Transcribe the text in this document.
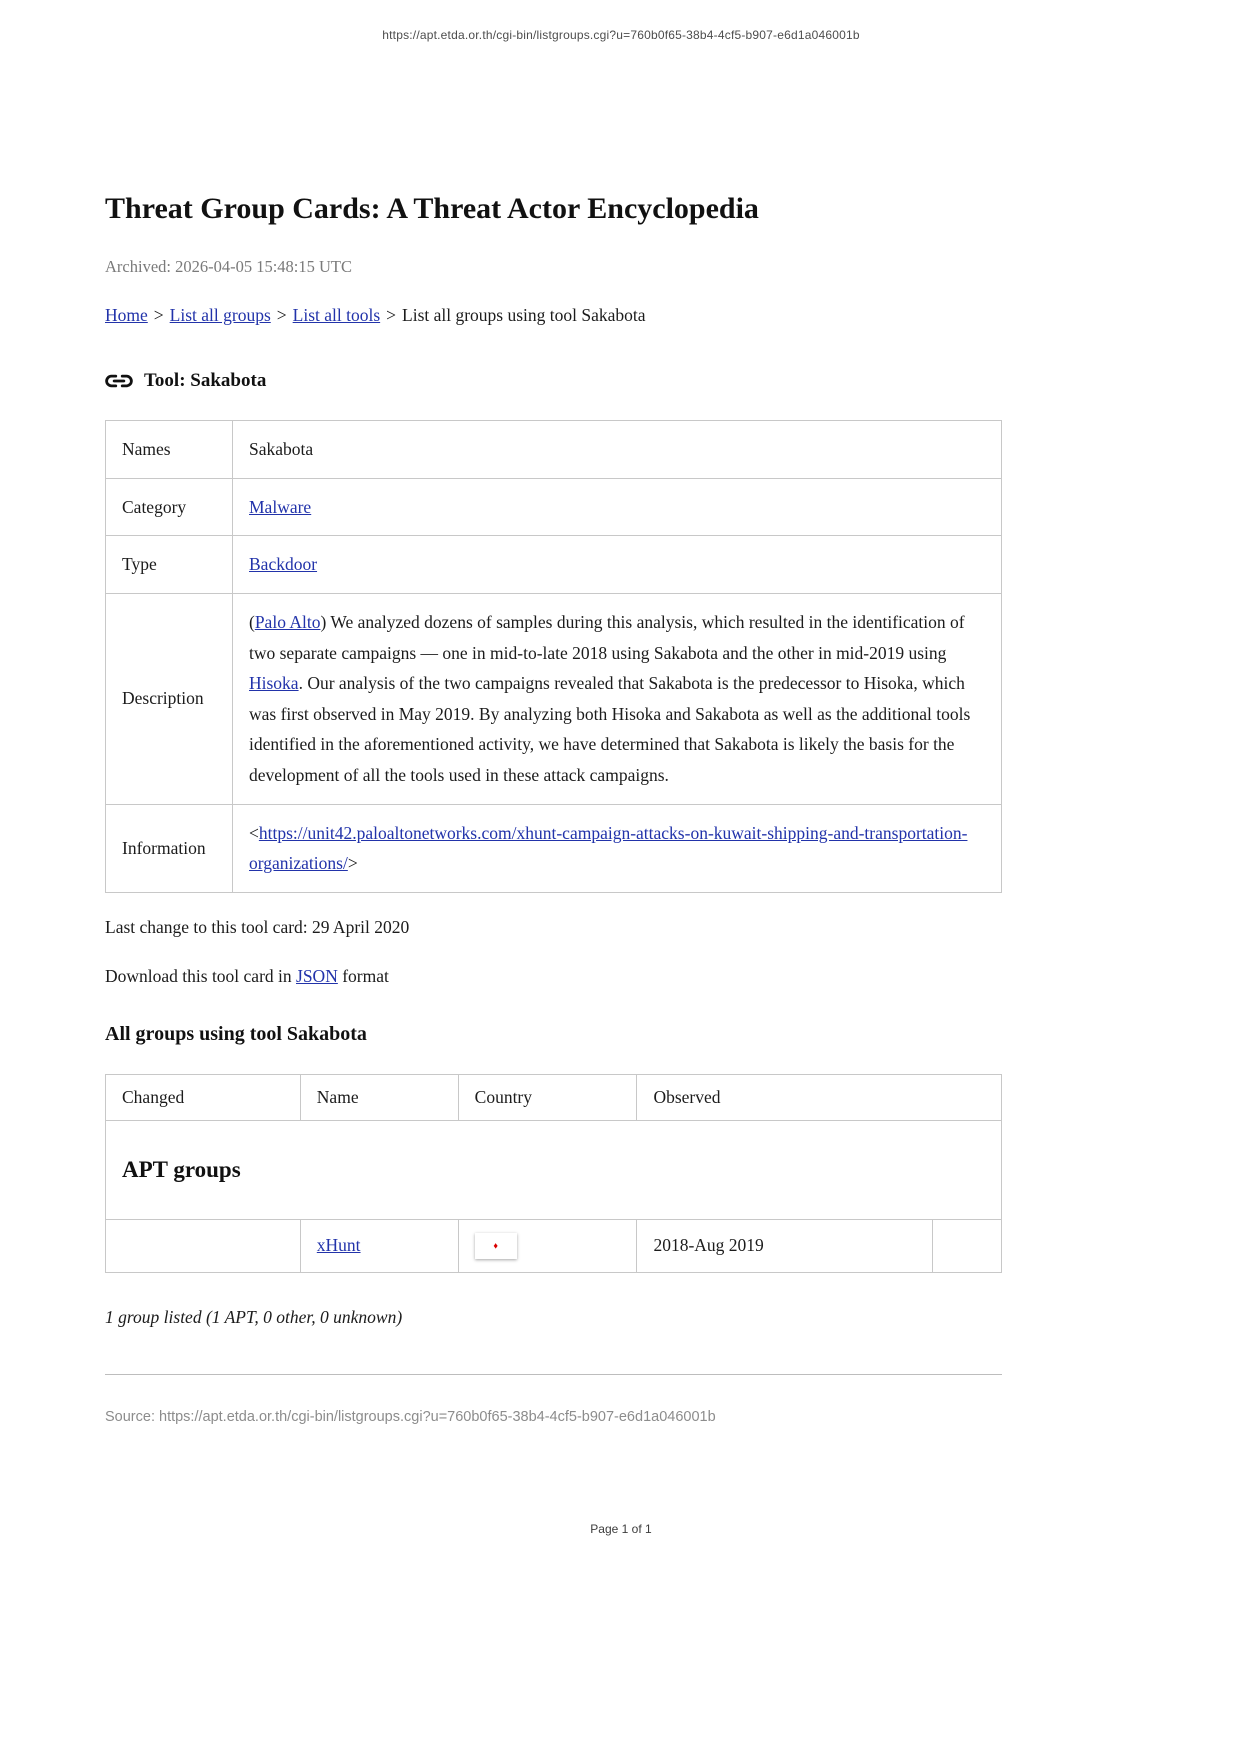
https://apt.etda.or.th/cgi-bin/listgroups.cgi?u=760b0f65-38b4-4cf5-b907-e6d1a046001b
Threat Group Cards: A Threat Actor Encyclopedia

Archived: 2026-04-05 15:48:15 UTC

Home > List all groups > List all tools > List all groups using tool Sakabota

Tool: Sakabota
Names	Sakabota
Category	Malware
Type	Backdoor
Description	(Palo Alto) We analyzed dozens of samples during this analysis, which resulted in the identification of two separate campaigns — one in mid-to-late 2018 using Sakabota and the other in mid-2019 using Hisoka. Our analysis of the two campaigns revealed that Sakabota is the predecessor to Hisoka, which was first observed in May 2019. By analyzing both Hisoka and Sakabota as well as the additional tools identified in the aforementioned activity, we have determined that Sakabota is likely the basis for the development of all the tools used in these attack campaigns.
Information	<https://unit42.paloaltonetworks.com/xhunt-campaign-attacks-on-kuwait-shipping-and-transportation-organizations/>

Last change to this tool card: 29 April 2020

Download this tool card in JSON format

All groups using tool Sakabota
Changed	Name	Country	Observed	
APT groups				
	xHunt	♦	2018-Aug 2019	

1 group listed (1 APT, 0 other, 0 unknown)

Source: https://apt.etda.or.th/cgi-bin/listgroups.cgi?u=760b0f65-38b4-4cf5-b907-e6d1a046001b

Page 1 of 1
